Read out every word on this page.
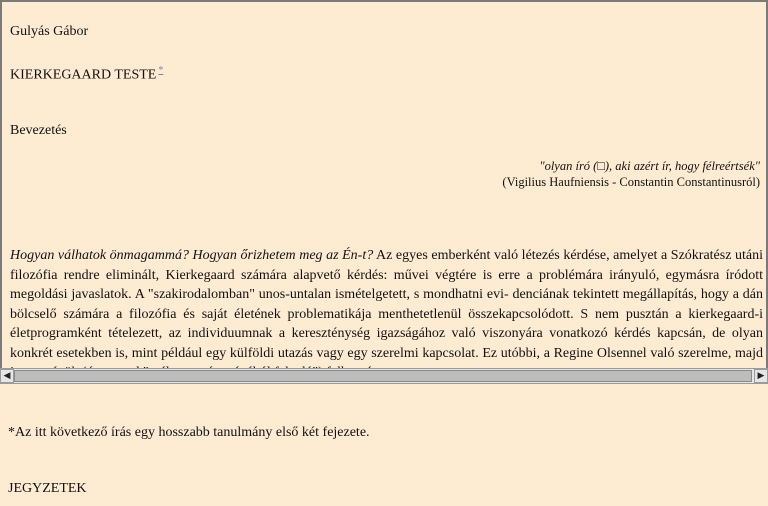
Gulyás Gábor
KIERKEGAARD TESTE *
Bevezetés
"olyan író (□), aki azért ír, hogy félreértsék"
(Vigilius Haufniensis - Constantin Constantinusról)
Hogyan válhatok önmagammá? Hogyan őrizhetem meg az Én-t? Az egyes emberként való létezés kérdése, amelyet a Szókratész utáni filozófia rendre eliminált, Kierkegaard számára alapvető kérdés: művei végtére is erre a problémára irányuló, egymásra íródott megoldási javaslatok. A "szakirodalomban" unos-untalan ismételgetett, s mondhatni evi- denciának tekintett megállapítás, hogy a dán bölcselő számára a filozófia és saját életének problematikája menthetetlenül összekapcsolódott. S nem pusztán a kierkegaard-i életprogramként tételezett, az individuumnak a kereszténység igazságához való viszonyára vonatkozó kérdés kapcsán, de olyan konkrét esetekben is, mint például egy külföldi utazás vagy egy szerelmi kapcsolat. Ez utóbbi, a Regine Olsennel való szerelme, majd
◀	▶
*Az itt következő írás egy hosszabb tanulmány első két fejezete.
JEGYZETEK
